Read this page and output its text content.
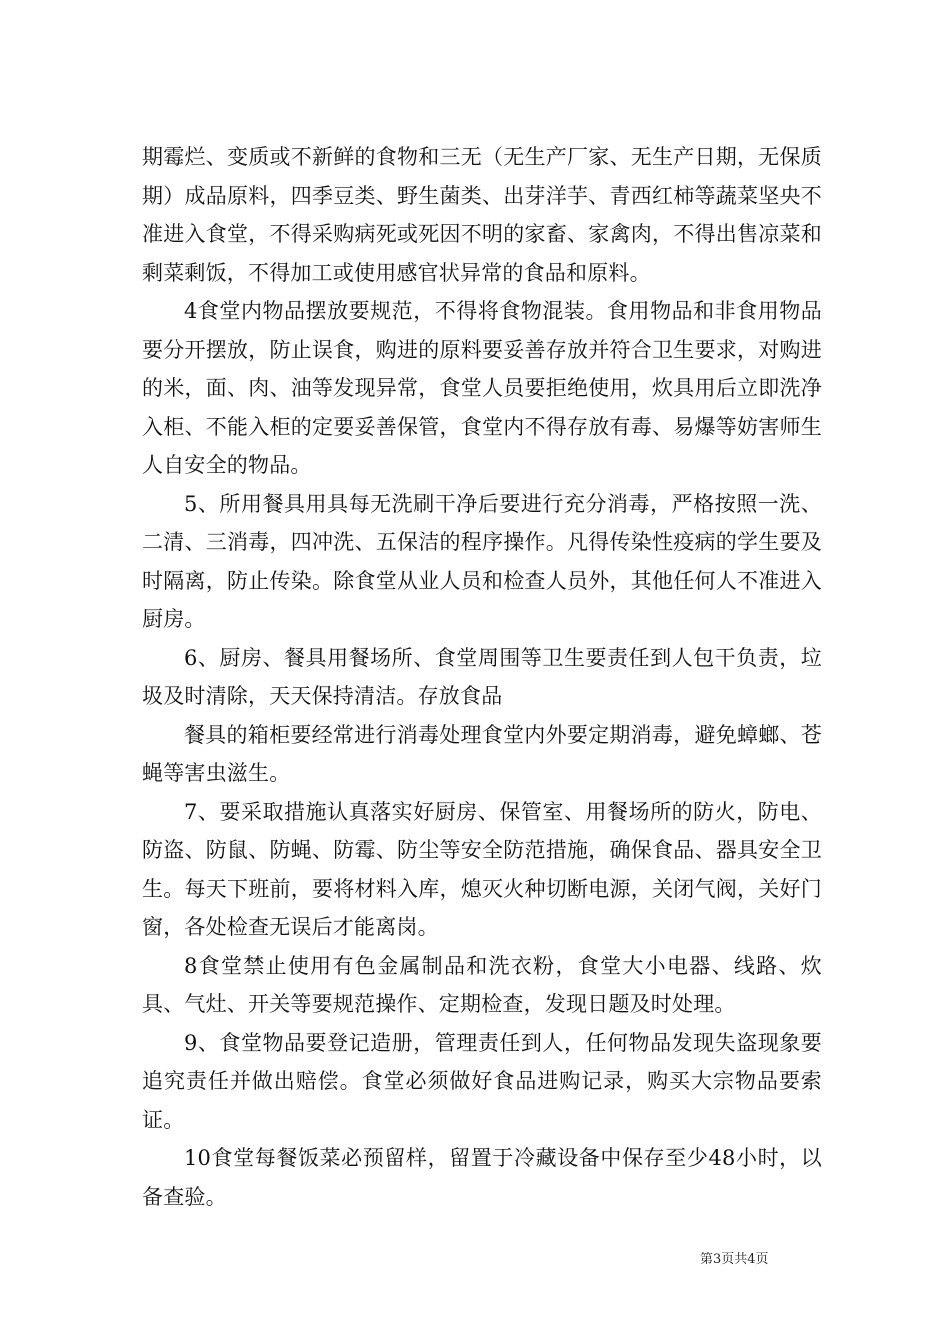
期霉烂、变质或不新鲜的食物和三无（无生产厂家、无生产日期，无保质期）成品原料，四季豆类、野生菌类、出芽洋芋、青西红柿等蔬菜坚央不准进入食堂，不得采购病死或死因不明的家畜、家禽肉，不得出售凉菜和剩菜剩饭，不得加工或使用感官状异常的食品和原料。

4食堂内物品摆放要规范，不得将食物混装。食用物品和非食用物品要分开摆放，防止误食，购进的原料要妥善存放并符合卫生要求，对购进的米，面、肉、油等发现异常，食堂人员要拒绝使用，炊具用后立即洗净入柜、不能入柜的定要妥善保管，食堂内不得存放有毒、易爆等妨害师生人自安全的物品。

5、所用餐具用具每无洗刷干净后要进行充分消毒，严格按照一洗、二清、三消毒，四冲洗、五保洁的程序操作。凡得传染性疫病的学生要及时隔离，防止传染。除食堂从业人员和检查人员外，其他任何人不准进入厨房。

6、厨房、餐具用餐场所、食堂周围等卫生要责任到人包干负责，垃圾及时清除，天天保持清洁。存放食品

餐具的箱柜要经常进行消毒处理食堂内外要定期消毒，避免蟑螂、苍蝇等害虫滋生。

7、要采取措施认真落实好厨房、保管室、用餐场所的防火，防电、防盗、防鼠、防蝇、防霉、防尘等安全防范措施，确保食品、器具安全卫生。每天下班前，要将材料入库，熄灭火种切断电源，关闭气阀，关好门窗，各处检查无误后才能离岗。

8食堂禁止使用有色金属制品和洗衣粉，食堂大小电器、线路、炊具、气灶、开关等要规范操作、定期检查，发现日题及时处理。

9、食堂物品要登记造册，管理责任到人，任何物品发现失盗现象要追究责任并做出赔偿。食堂必须做好食品进购记录，购买大宗物品要索证。

10食堂每餐饭菜必预留样，留置于冷藏设备中保存至少48小时，以备查验。

第3页共4页
